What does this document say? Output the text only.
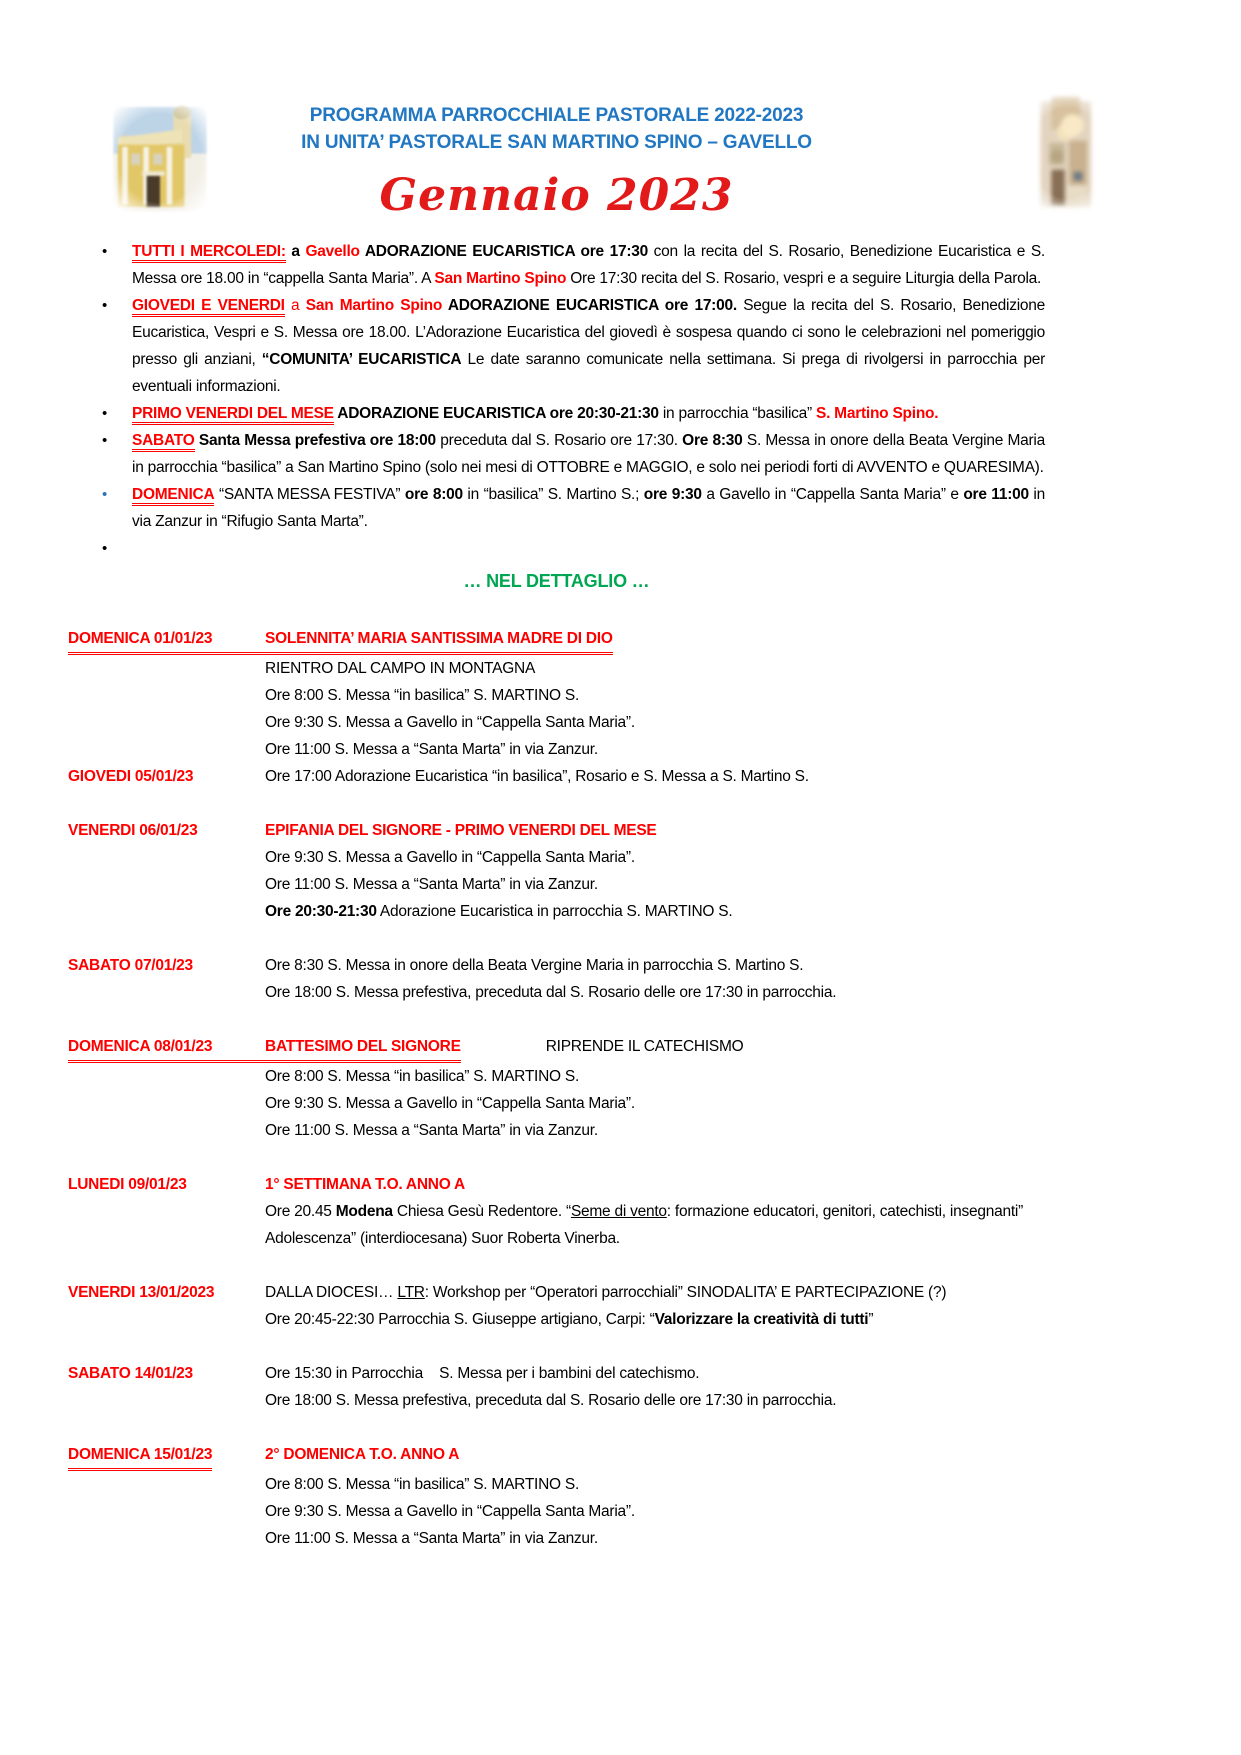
PROGRAMMA PARROCCHIALE PASTORALE 2022-2023
IN UNITA’ PASTORALE SAN MARTINO SPINO – GAVELLO
Gennaio 2023
•	TUTTI I MERCOLEDI: a Gavello ADORAZIONE EUCARISTICA ore 17:30 con la recita del S. Rosario, Benedizione Eucaristica e S. Messa ore 18.00 in “cappella Santa Maria”. A San Martino Spino Ore 17:30 recita del S. Rosario, vespri e a seguire Liturgia della Parola.
•	GIOVEDI E VENERDI a San Martino Spino ADORAZIONE EUCARISTICA ore 17:00. Segue la recita del S. Rosario, Benedizione Eucaristica, Vespri e S. Messa ore 18.00. L’Adorazione Eucaristica del giovedì è sospesa quando ci sono le celebrazioni nel pomeriggio presso gli anziani, “COMUNITA’ EUCARISTICA Le date saranno comunicate nella settimana. Si prega di rivolgersi in parrocchia per eventuali informazioni.
•	PRIMO VENERDI DEL MESE ADORAZIONE EUCARISTICA ore 20:30-21:30 in parrocchia “basilica” S. Martino Spino.
•	SABATO Santa Messa prefestiva ore 18:00 preceduta dal S. Rosario ore 17:30. Ore 8:30 S. Messa in onore della Beata Vergine Maria in parrocchia “basilica” a San Martino Spino (solo nei mesi di OTTOBRE e MAGGIO, e solo nei periodi forti di AVVENTO e QUARESIMA).
•	DOMENICA “SANTA MESSA FESTIVA” ore 8:00 in “basilica” S. Martino S.; ore 9:30 a Gavello in “Cappella Santa Maria” e ore 11:00 in via Zanzur in “Rifugio Santa Marta”.
•
… NEL DETTAGLIO …
DOMENICA 01/01/23	SOLENNITA’ MARIA SANTISSIMA MADRE DI DIO
RIENTRO DAL CAMPO IN MONTAGNA
Ore 8:00 S. Messa “in basilica” S. MARTINO S.
Ore 9:30 S. Messa a Gavello in “Cappella Santa Maria”.
Ore 11:00 S. Messa a “Santa Marta” in via Zanzur.
GIOVEDI 05/01/23	Ore 17:00 Adorazione Eucaristica “in basilica”, Rosario e S. Messa a S. Martino S.
VENERDI 06/01/23	EPIFANIA DEL SIGNORE - PRIMO VENERDI DEL MESE
Ore 9:30 S. Messa a Gavello in “Cappella Santa Maria”.
Ore 11:00 S. Messa a “Santa Marta” in via Zanzur.
Ore 20:30-21:30 Adorazione Eucaristica in parrocchia S. MARTINO S.
SABATO 07/01/23	Ore 8:30 S. Messa in onore della Beata Vergine Maria in parrocchia S. Martino S.
Ore 18:00 S. Messa prefestiva, preceduta dal S. Rosario delle ore 17:30 in parrocchia.
DOMENICA 08/01/23	BATTESIMO DEL SIGNORE	RIPRENDE IL CATECHISMO
Ore 8:00 S. Messa “in basilica” S. MARTINO S.
Ore 9:30 S. Messa a Gavello in “Cappella Santa Maria”.
Ore 11:00 S. Messa a “Santa Marta” in via Zanzur.
LUNEDI 09/01/23	1° SETTIMANA T.O. ANNO A
Ore 20.45 Modena Chiesa Gesù Redentore. “Seme di vento: formazione educatori, genitori, catechisti, insegnanti” Adolescenza” (interdiocesana) Suor Roberta Vinerba.
VENERDI 13/01/2023	DALLA DIOCESI… LTR: Workshop per “Operatori parrocchiali” SINODALITA’ E PARTECIPAZIONE (?)
Ore 20:45-22:30 Parrocchia S. Giuseppe artigiano, Carpi: “Valorizzare la creatività di tutti”
SABATO 14/01/23	Ore 15:30 in Parrocchia    S. Messa per i bambini del catechismo.
Ore 18:00 S. Messa prefestiva, preceduta dal S. Rosario delle ore 17:30 in parrocchia.
DOMENICA 15/01/23	2° DOMENICA T.O. ANNO A
Ore 8:00 S. Messa “in basilica” S. MARTINO S.
Ore 9:30 S. Messa a Gavello in “Cappella Santa Maria”.
Ore 11:00 S. Messa a “Santa Marta” in via Zanzur.
